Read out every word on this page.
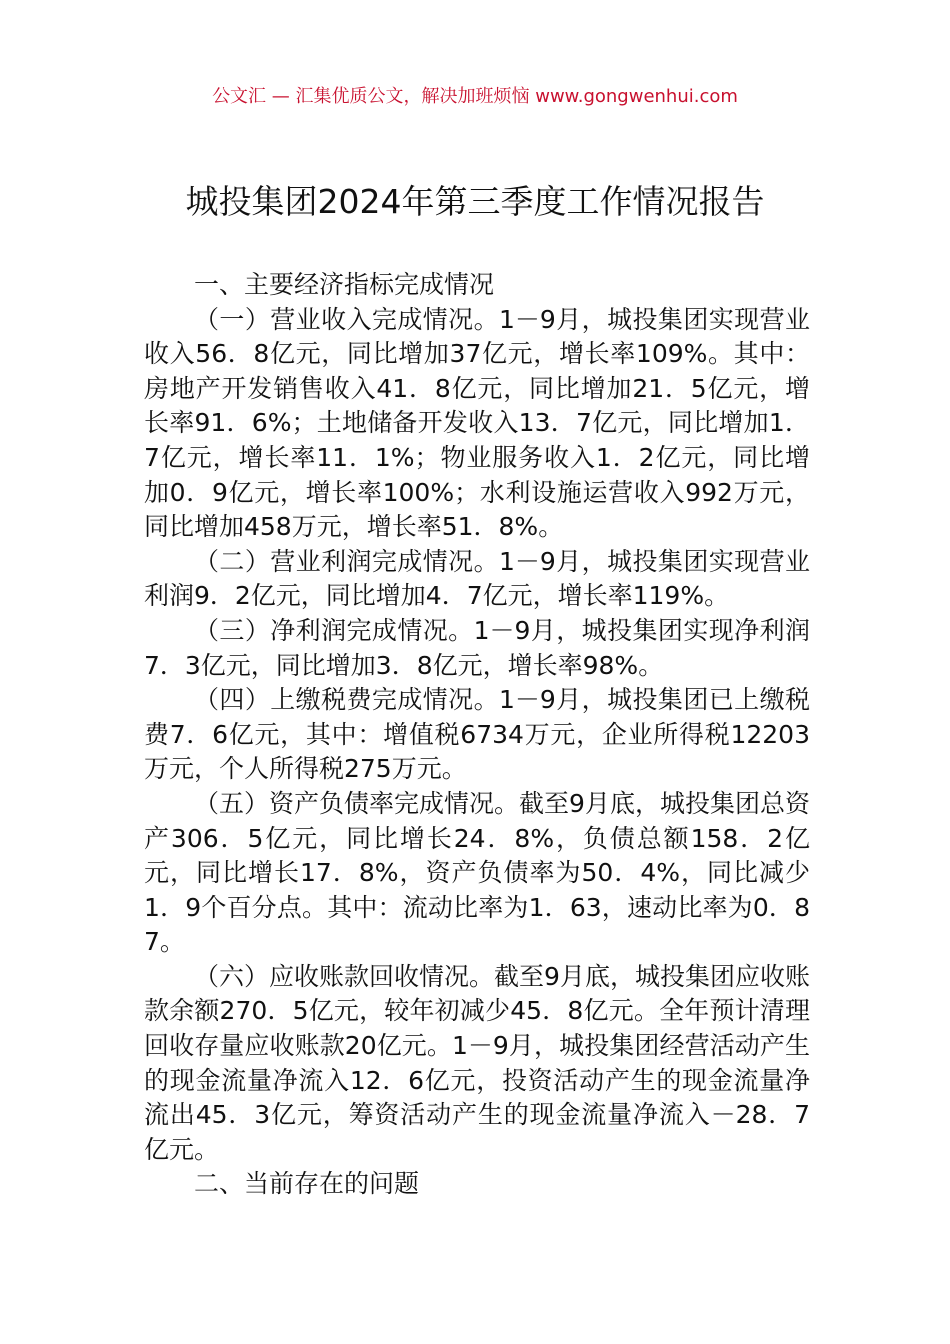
公文汇 — 汇集优质公文，解决加班烦恼 www.gongwenhui.com
城投集团2024年第三季度工作情况报告

一、主要经济指标完成情况

（一）营业收入完成情况。1－9月，城投集团实现营业收入56．8亿元，同比增加37亿元，增长率109%。其中：房地产开发销售收入41．8亿元，同比增加21．5亿元，增长率91．6%；土地储备开发收入13．7亿元，同比增加1．7亿元，增长率11．1%；物业服务收入1．2亿元，同比增加0．9亿元，增长率100%；水利设施运营收入992万元，同比增加458万元，增长率51．8%。

（二）营业利润完成情况。1－9月，城投集团实现营业利润9．2亿元，同比增加4．7亿元，增长率119%。

（三）净利润完成情况。1－9月，城投集团实现净利润7．3亿元，同比增加3．8亿元，增长率98%。

（四）上缴税费完成情况。1－9月，城投集团已上缴税费7．6亿元，其中：增值税6734万元，企业所得税12203万元，个人所得税275万元。

（五）资产负债率完成情况。截至9月底，城投集团总资产306．5亿元，同比增长24．8%，负债总额158．2亿元，同比增长17．8%，资产负债率为50．4%，同比减少1．9个百分点。其中：流动比率为1．63，速动比率为0．87。

（六）应收账款回收情况。截至9月底，城投集团应收账款余额270．5亿元，较年初减少45．8亿元。全年预计清理回收存量应收账款20亿元。1－9月，城投集团经营活动产生的现金流量净流入12．6亿元，投资活动产生的现金流量净流出45．3亿元，筹资活动产生的现金流量净流入－28．7亿元。

二、当前存在的问题
